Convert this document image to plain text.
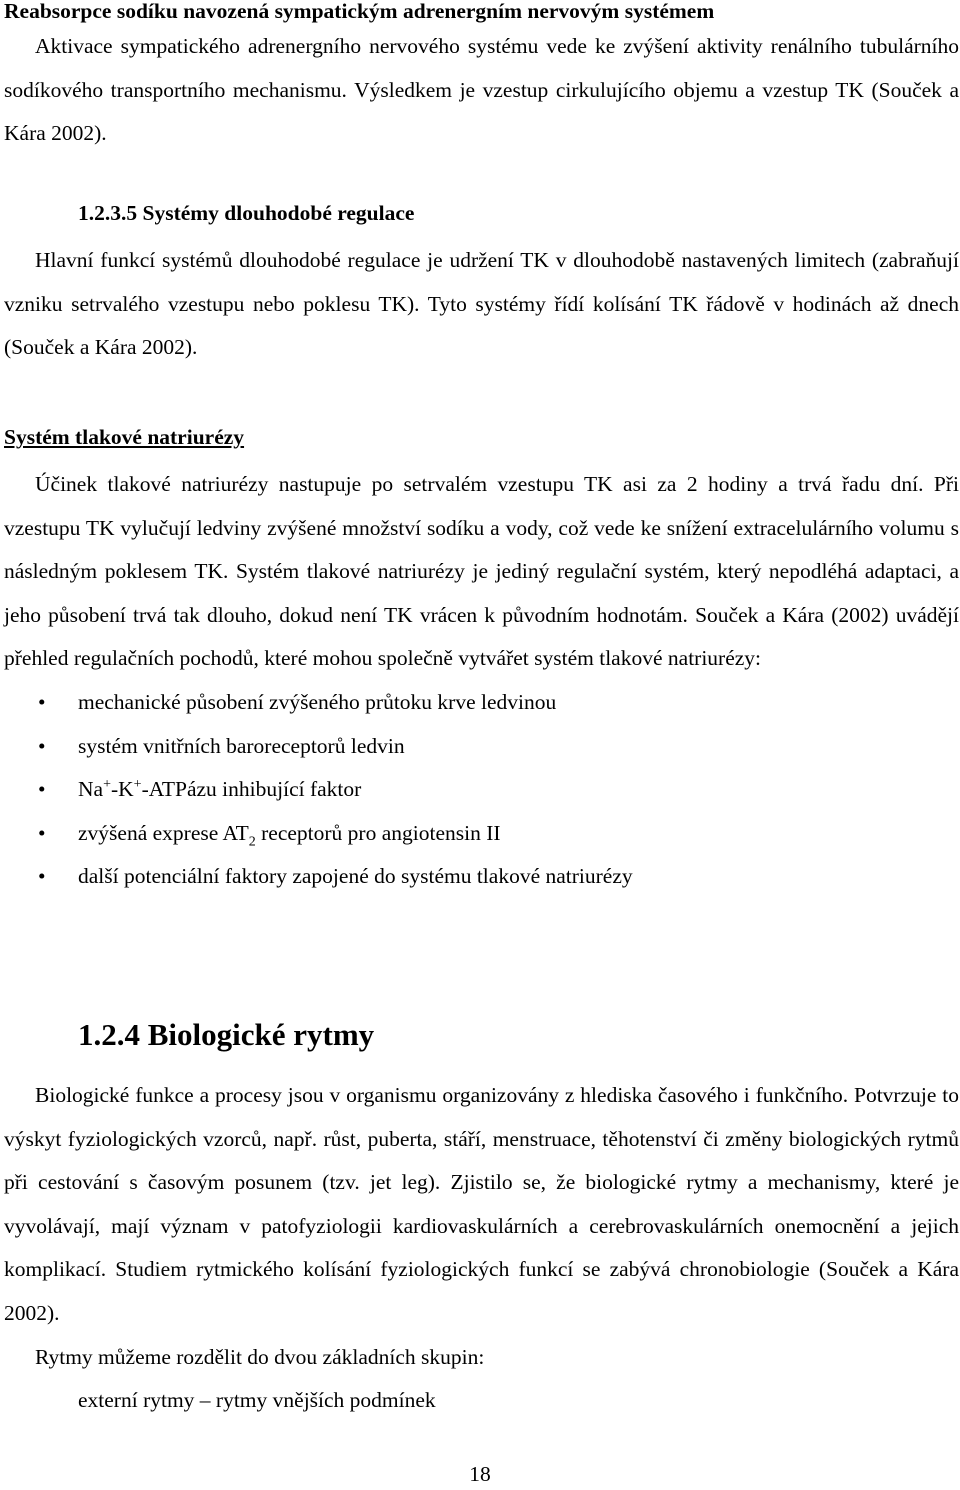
Reabsorpce sodíku navozená sympatickým adrenergním nervovým systémem

Aktivace sympatického adrenergního nervového systému vede ke zvýšení aktivity renálního tubulárního sodíkového transportního mechanismu. Výsledkem je vzestup cirkulujícího objemu a vzestup TK (Souček a Kára 2002).

1.2.3.5 Systémy dlouhodobé regulace

Hlavní funkcí systémů dlouhodobé regulace je udržení TK v dlouhodobě nastavených limitech (zabraňují vzniku setrvalého vzestupu nebo poklesu TK). Tyto systémy řídí kolísání TK řádově v hodinách až dnech (Souček a Kára 2002).

Systém tlakové natriurézy

Účinek tlakové natriurézy nastupuje po setrvalém vzestupu TK asi za 2 hodiny a trvá řadu dní. Při vzestupu TK vylučují ledviny zvýšené množství sodíku a vody, což vede ke snížení extracelulárního volumu s následným poklesem TK. Systém tlakové natriurézy je jediný regulační systém, který nepodléhá adaptaci, a jeho působení trvá tak dlouho, dokud není TK vrácen k původním hodnotám. Souček a Kára (2002) uvádějí přehled regulačních pochodů, které mohou společně vytvářet systém tlakové natriurézy:

• mechanické působení zvýšeného průtoku krve ledvinou
• systém vnitřních baroreceptorů ledvin
• Na+-K+-ATPázu inhibující faktor
• zvýšená exprese $AT_2$ receptorů pro angiotensin II
• další potenciální faktory zapojené do systému tlakové natriurézy
1.2.4 Biologické rytmy

Biologické funkce a procesy jsou v organismu organizovány z hlediska časového i funkčního. Potvrzuje to výskyt fyziologických vzorců, např. růst, puberta, stáří, menstruace, těhotenství či změny biologických rytmů při cestování s časovým posunem (tzv. jet leg). Zjistilo se, že biologické rytmy a mechanismy, které je vyvolávají, mají význam v patofyziologii kardiovaskulárních a cerebrovaskulárních onemocnění a jejich komplikací. Studiem rytmického kolísání fyziologických funkcí se zabývá chronobiologie (Souček a Kára 2002).

Rytmy můžeme rozdělit do dvou základních skupin:

externí rytmy – rytmy vnějších podmínek

18
